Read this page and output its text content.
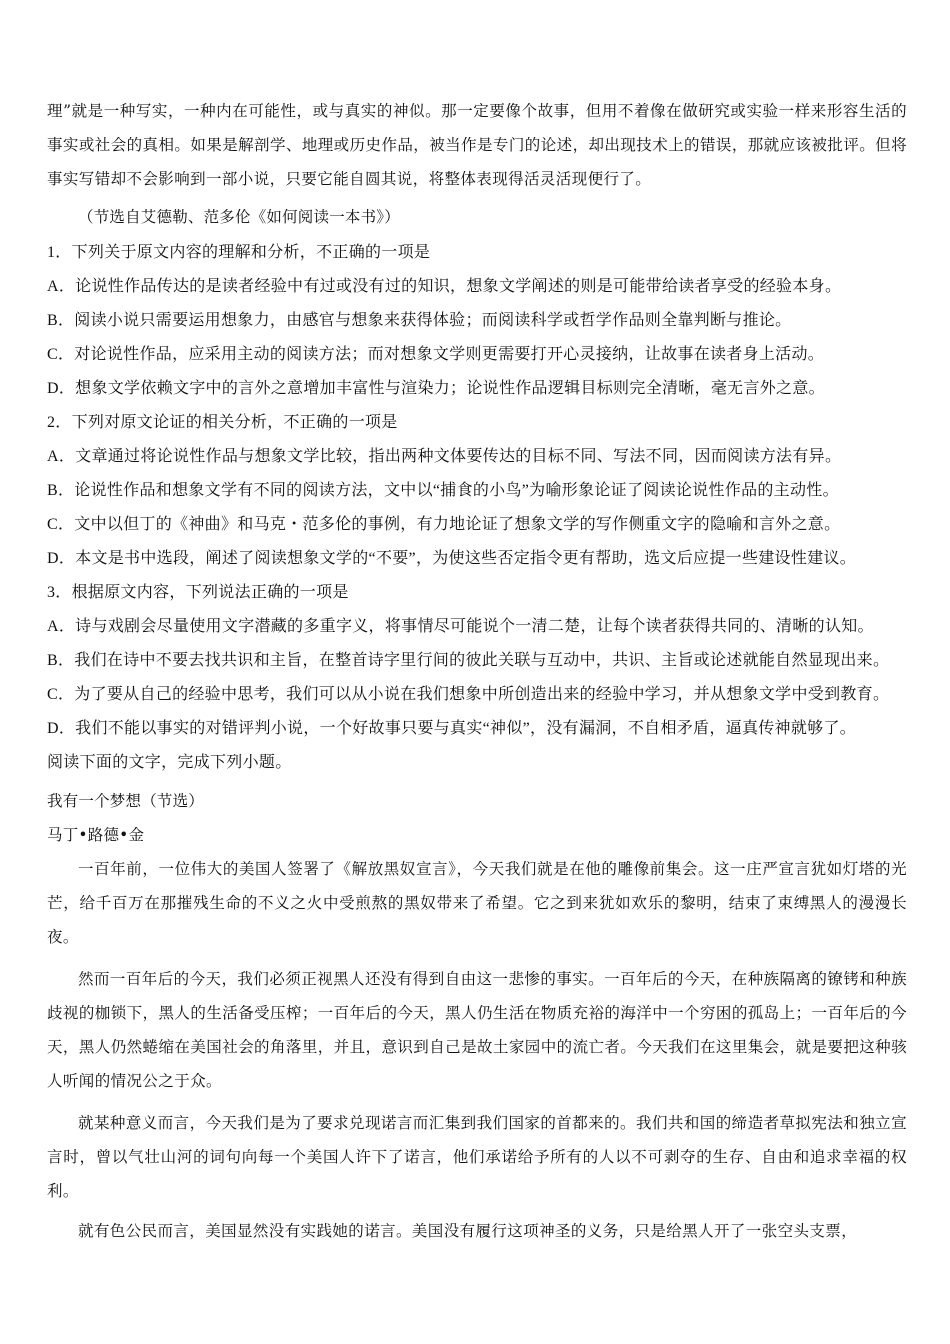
理”就是一种写实，一种内在可能性，或与真实的神似。那一定要像个故事，但用不着像在做研究或实验一样来形容生活的事实或社会的真相。如果是解剖学、地理或历史作品，被当作是专门的论述，却出现技术上的错误，那就应该被批评。但将事实写错却不会影响到一部小说，只要它能自圆其说，将整体表现得活灵活现便行了。

（节选自艾德勒、范多伦《如何阅读一本书》）

1．下列关于原文内容的理解和分析，不正确的一项是

A．论说性作品传达的是读者经验中有过或没有过的知识，想象文学阐述的则是可能带给读者享受的经验本身。

B．阅读小说只需要运用想象力，由感官与想象来获得体验；而阅读科学或哲学作品则全靠判断与推论。

C．对论说性作品，应采用主动的阅读方法；而对想象文学则更需要打开心灵接纳，让故事在读者身上活动。

D．想象文学依赖文字中的言外之意增加丰富性与渲染力；论说性作品逻辑目标则完全清晰，毫无言外之意。

2．下列对原文论证的相关分析，不正确的一项是

A．文章通过将论说性作品与想象文学比较，指出两种文体要传达的目标不同、写法不同，因而阅读方法有异。

B．论说性作品和想象文学有不同的阅读方法，文中以“捕食的小鸟”为喻形象论证了阅读论说性作品的主动性。

C．文中以但丁的《神曲》和马克・范多伦的事例，有力地论证了想象文学的写作侧重文字的隐喻和言外之意。

D．本文是书中选段，阐述了阅读想象文学的“不要”，为使这些否定指令更有帮助，选文后应提一些建设性建议。

3．根据原文内容，下列说法正确的一项是

A．诗与戏剧会尽量使用文字潜藏的多重字义，将事情尽可能说个一清二楚，让每个读者获得共同的、清晰的认知。

B．我们在诗中不要去找共识和主旨，在整首诗字里行间的彼此关联与互动中，共识、主旨或论述就能自然显现出来。

C．为了要从自己的经验中思考，我们可以从小说在我们想象中所创造出来的经验中学习，并从想象文学中受到教育。

D．我们不能以事实的对错评判小说，一个好故事只要与真实“神似”，没有漏洞，不自相矛盾，逼真传神就够了。

阅读下面的文字，完成下列小题。

我有一个梦想（节选）

马丁•路德•金

一百年前，一位伟大的美国人签署了《解放黑奴宣言》，今天我们就是在他的雕像前集会。这一庄严宣言犹如灯塔的光芒，给千百万在那摧残生命的不义之火中受煎熬的黑奴带来了希望。它之到来犹如欢乐的黎明，结束了束缚黑人的漫漫长夜。

然而一百年后的今天，我们必须正视黑人还没有得到自由这一悲惨的事实。一百年后的今天，在种族隔离的镣铐和种族歧视的枷锁下，黑人的生活备受压榨；一百年后的今天，黑人仍生活在物质充裕的海洋中一个穷困的孤岛上；一百年后的今天，黑人仍然蜷缩在美国社会的角落里，并且，意识到自己是故土家园中的流亡者。今天我们在这里集会，就是要把这种骇人听闻的情况公之于众。

就某种意义而言，今天我们是为了要求兑现诺言而汇集到我们国家的首都来的。我们共和国的缔造者草拟宪法和独立宣言时，曾以气壮山河的词句向每一个美国人许下了诺言，他们承诺给予所有的人以不可剥夺的生存、自由和追求幸福的权利。

就有色公民而言，美国显然没有实践她的诺言。美国没有履行这项神圣的义务，只是给黑人开了一张空头支票，
